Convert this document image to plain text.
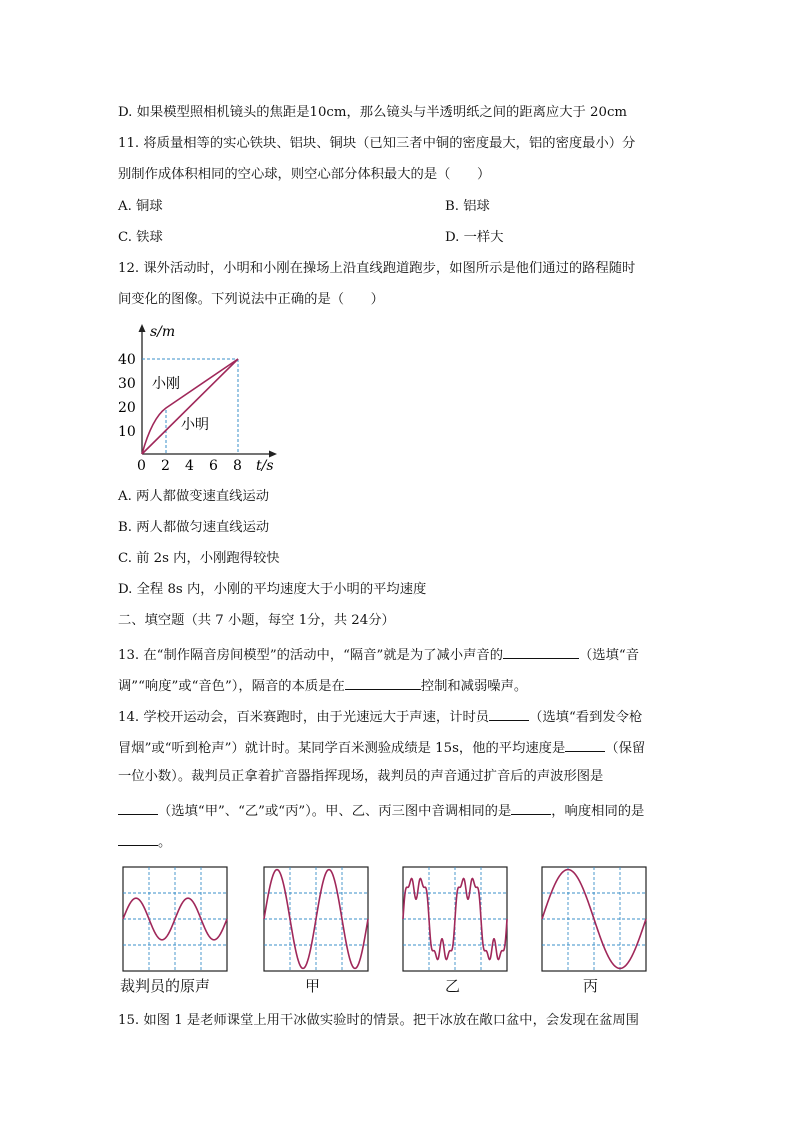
D. 如果模型照相机镜头的焦距是10cm，那么镜头与半透明纸之间的距离应大于 20cm
11. 将质量相等的实心铁块、铝块、铜块（已知三者中铜的密度最大，铝的密度最小）分
别制作成体积相同的空心球，则空心部分体积最大的是（　　）
A. 铜球	B. 铝球
C. 铁球	D. 一样大
12. 课外活动时，小明和小刚在操场上沿直线跑道跑步，如图所示是他们通过的路程随时
间变化的图像。下列说法中正确的是（　　）
s/m
t/s
40
30
20
10
0 2 4 6 8
小刚
小明
A. 两人都做变速直线运动
B. 两人都做匀速直线运动
C. 前 2s 内，小刚跑得较快
D. 全程 8s 内，小刚的平均速度大于小明的平均速度
二、填空题（共 7 小题，每空 1分，共 24分）
13. 在“制作隔音房间模型”的活动中，“隔音”就是为了减小声音的	（选填“音
调”“响度”或“音色”），隔音的本质是在	控制和减弱噪声。
14. 学校开运动会，百米赛跑时，由于光速远大于声速，计时员	（选填“看到发令枪
冒烟”或“听到枪声”）就计时。某同学百米测验成绩是 15s，他的平均速度是	（保留
一位小数）。裁判员正拿着扩音器指挥现场，裁判员的声音通过扩音后的声波形图是
（选填“甲”、“乙”或“丙”）。甲、乙、丙三图中音调相同的是	，响度相同的是
。
裁判员的原声	甲	乙	丙
15. 如图 1 是老师课堂上用干冰做实验时的情景。把干冰放在敞口盆中，会发现在盆周围
